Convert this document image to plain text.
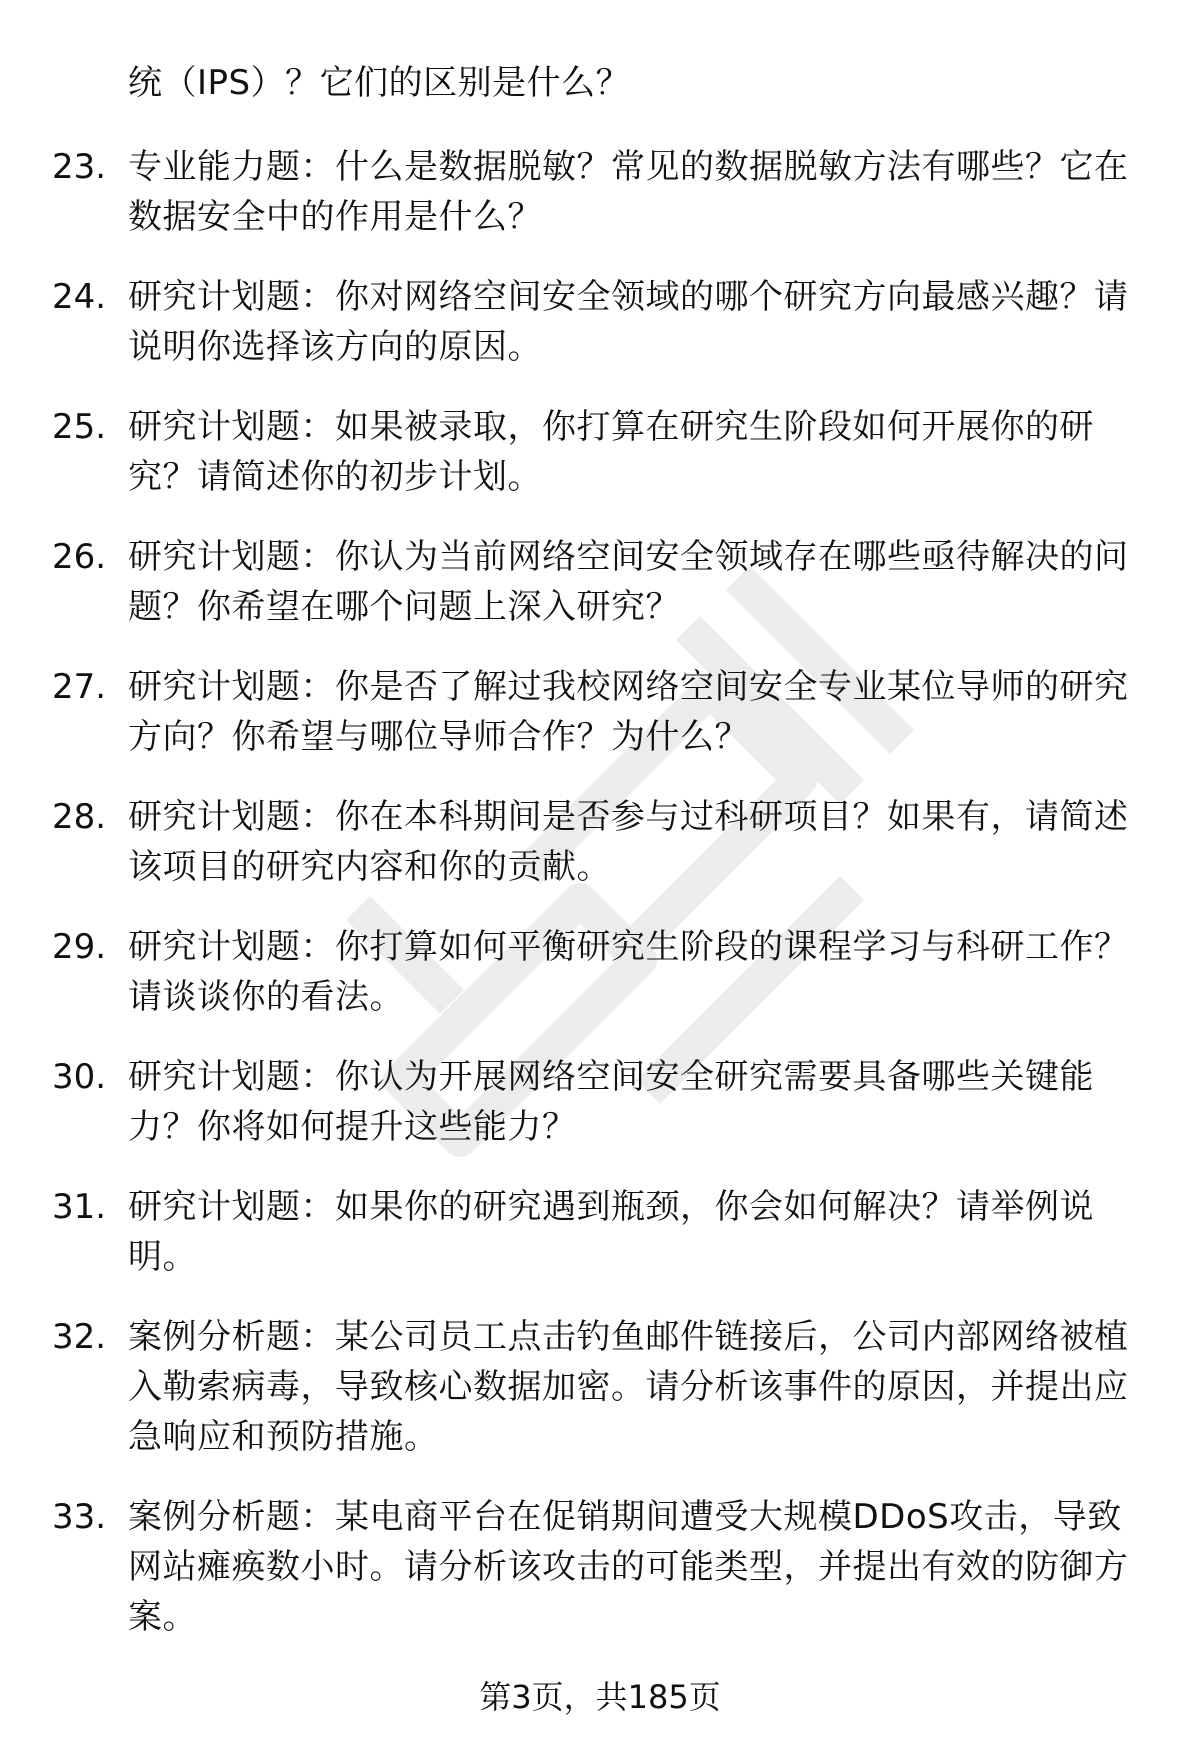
统（IPS）？它们的区别是什么？
23. 专业能力题：什么是数据脱敏？常见的数据脱敏方法有哪些？它在数据安全中的作用是什么？
24. 研究计划题：你对网络空间安全领域的哪个研究方向最感兴趣？请说明你选择该方向的原因。
25. 研究计划题：如果被录取，你打算在研究生阶段如何开展你的研究？请简述你的初步计划。
26. 研究计划题：你认为当前网络空间安全领域存在哪些亟待解决的问题？你希望在哪个问题上深入研究？
27. 研究计划题：你是否了解过我校网络空间安全专业某位导师的研究方向？你希望与哪位导师合作？为什么？
28. 研究计划题：你在本科期间是否参与过科研项目？如果有，请简述该项目的研究内容和你的贡献。
29. 研究计划题：你打算如何平衡研究生阶段的课程学习与科研工作？请谈谈你的看法。
30. 研究计划题：你认为开展网络空间安全研究需要具备哪些关键能力？你将如何提升这些能力？
31. 研究计划题：如果你的研究遇到瓶颈，你会如何解决？请举例说明。
32. 案例分析题：某公司员工点击钓鱼邮件链接后，公司内部网络被植入勒索病毒，导致核心数据加密。请分析该事件的原因，并提出应急响应和预防措施。
33. 案例分析题：某电商平台在促销期间遭受大规模DDoS攻击，导致网站瘫痪数小时。请分析该攻击的可能类型，并提出有效的防御方案。
第3页，共185页
